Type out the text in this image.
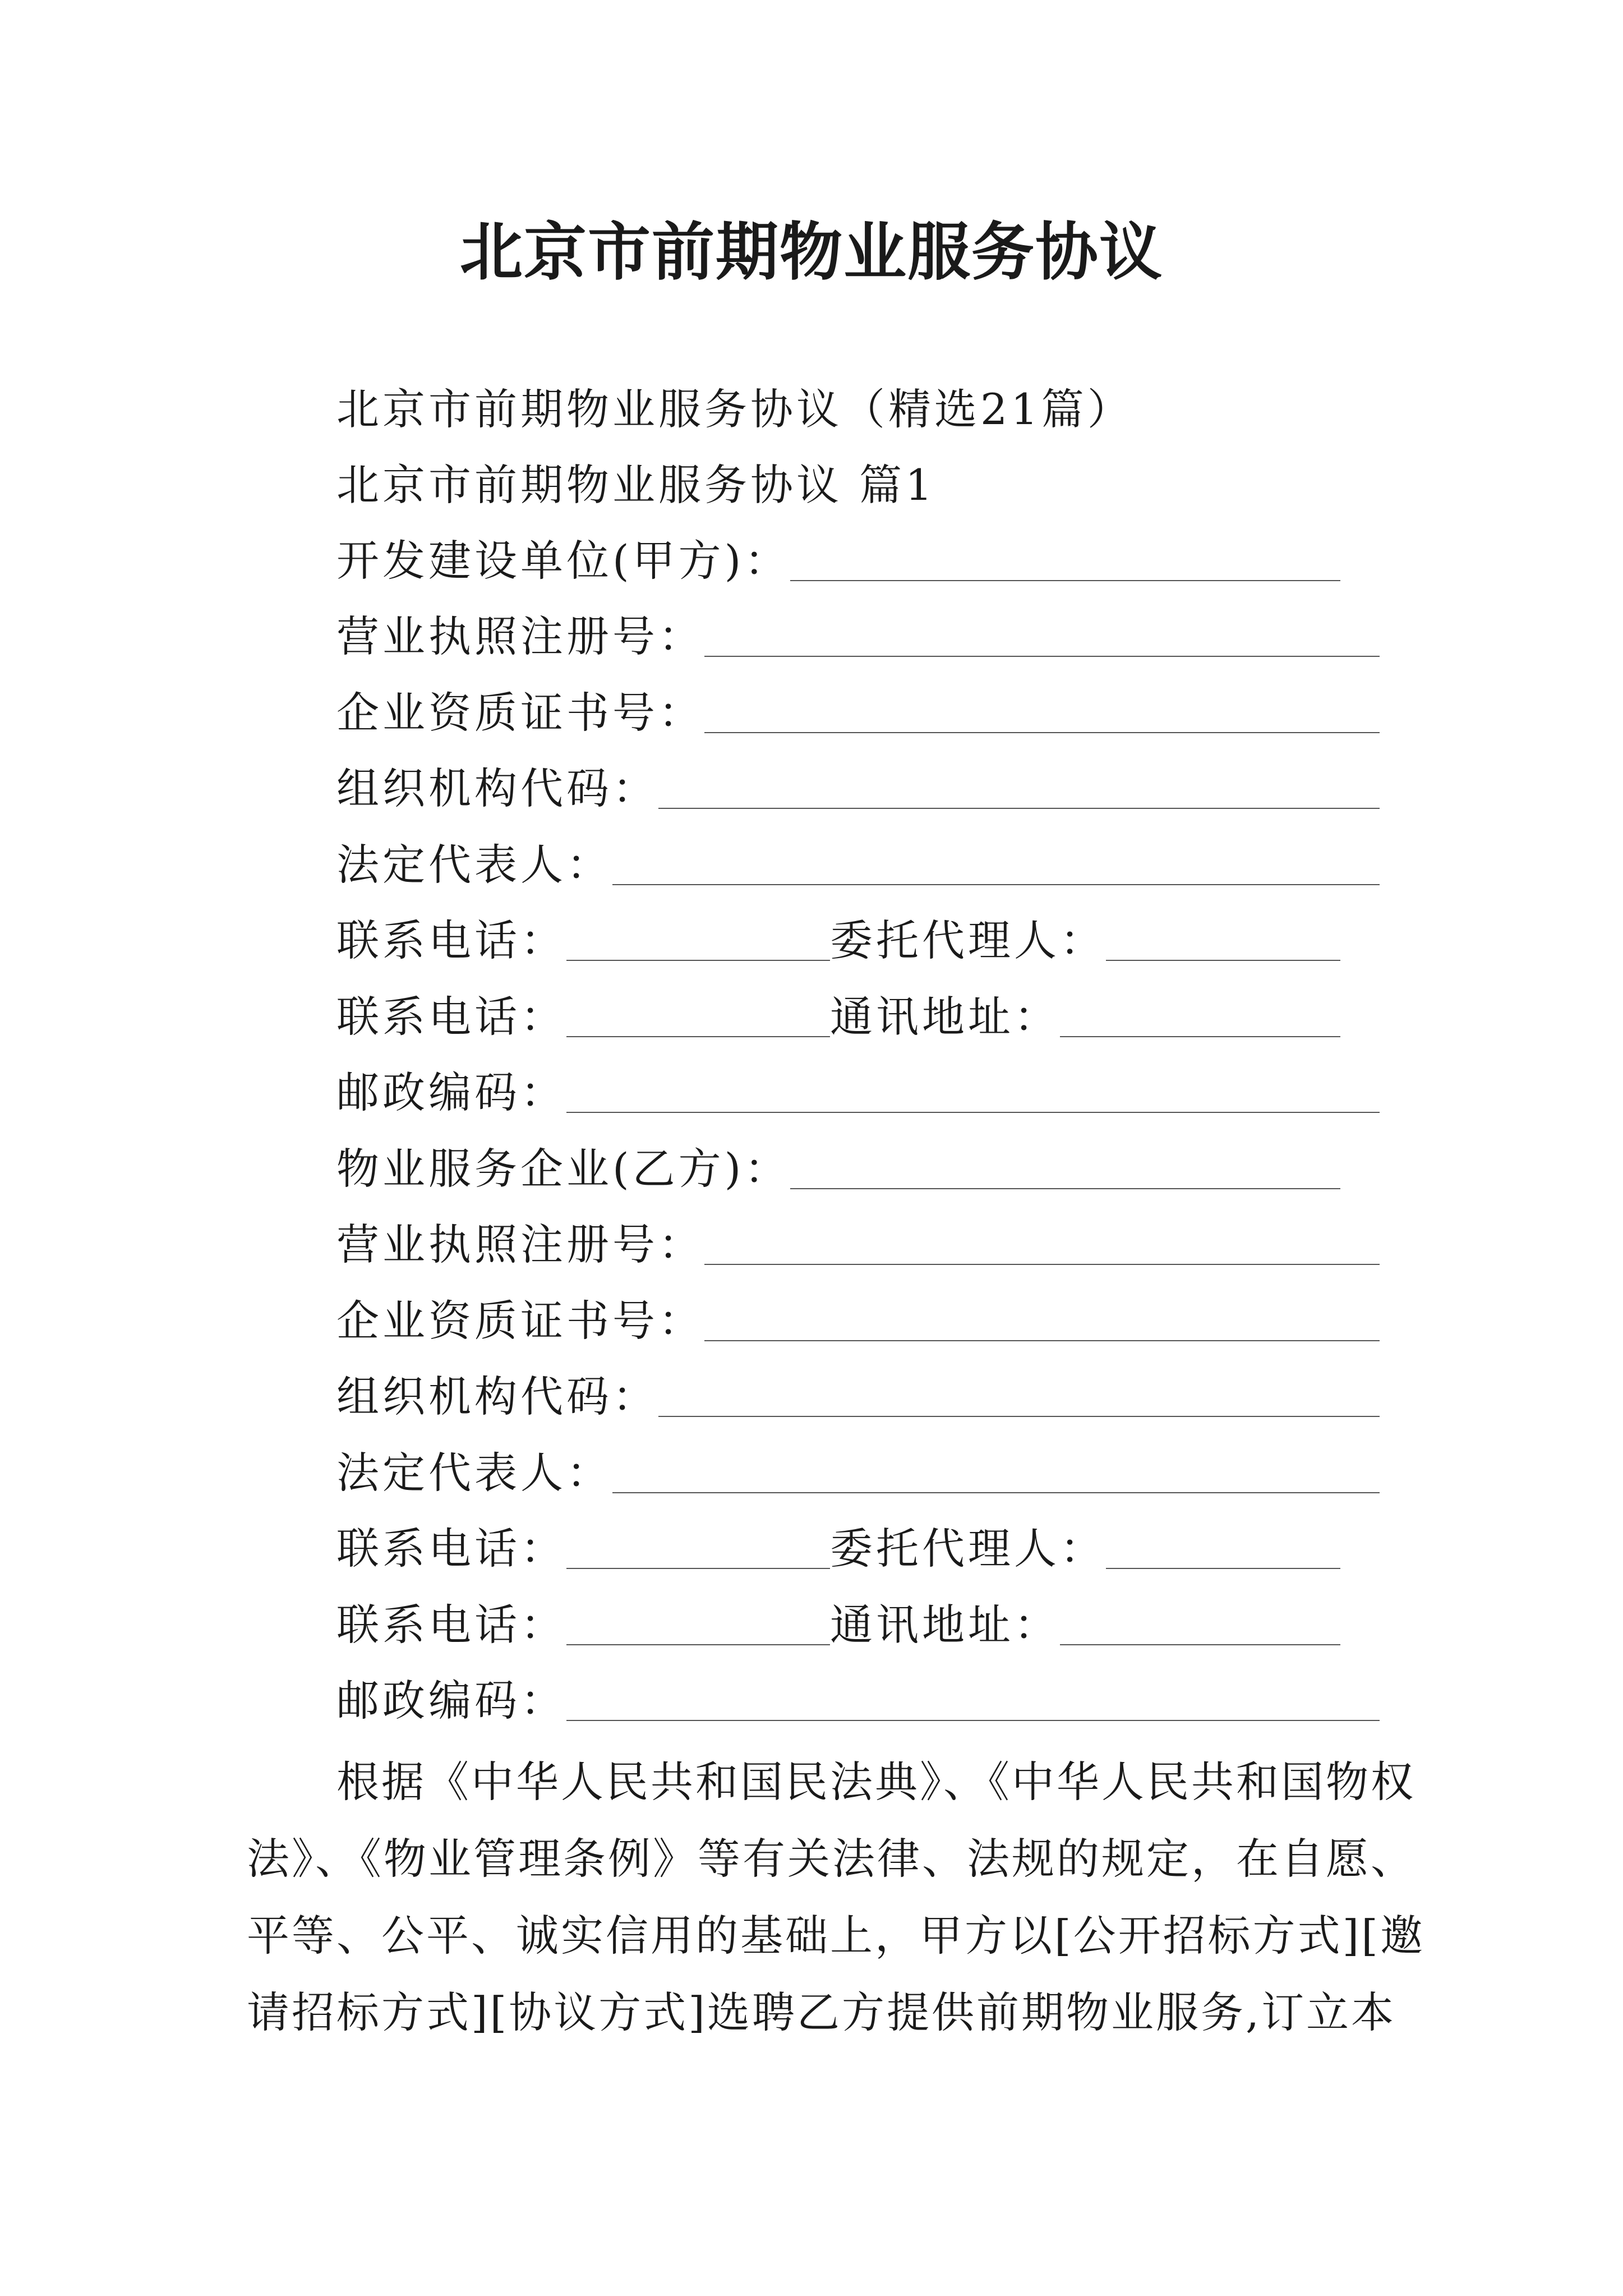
北京市前期物业服务协议
北京市前期物业服务协议（精选21篇）
北京市前期物业服务协议 篇1
开发建设单位(甲方)：
营业执照注册号：
企业资质证书号：
组织机构代码：
法定代表人：
联系电话：	委托代理人：
联系电话：	通讯地址：
邮政编码：
物业服务企业(乙方)：
营业执照注册号：
企业资质证书号：
组织机构代码：
法定代表人：
联系电话：	委托代理人：
联系电话：	通讯地址：
邮政编码：
根据《中华人民共和国民法典》、《中华人民共和国物权
法》、《物业管理条例》等有关法律、法规的规定，在自愿、
平等、公平、诚实信用的基础上，甲方以[公开招标方式][邀
请招标方式][协议方式]选聘乙方提供前期物业服务,订立本
